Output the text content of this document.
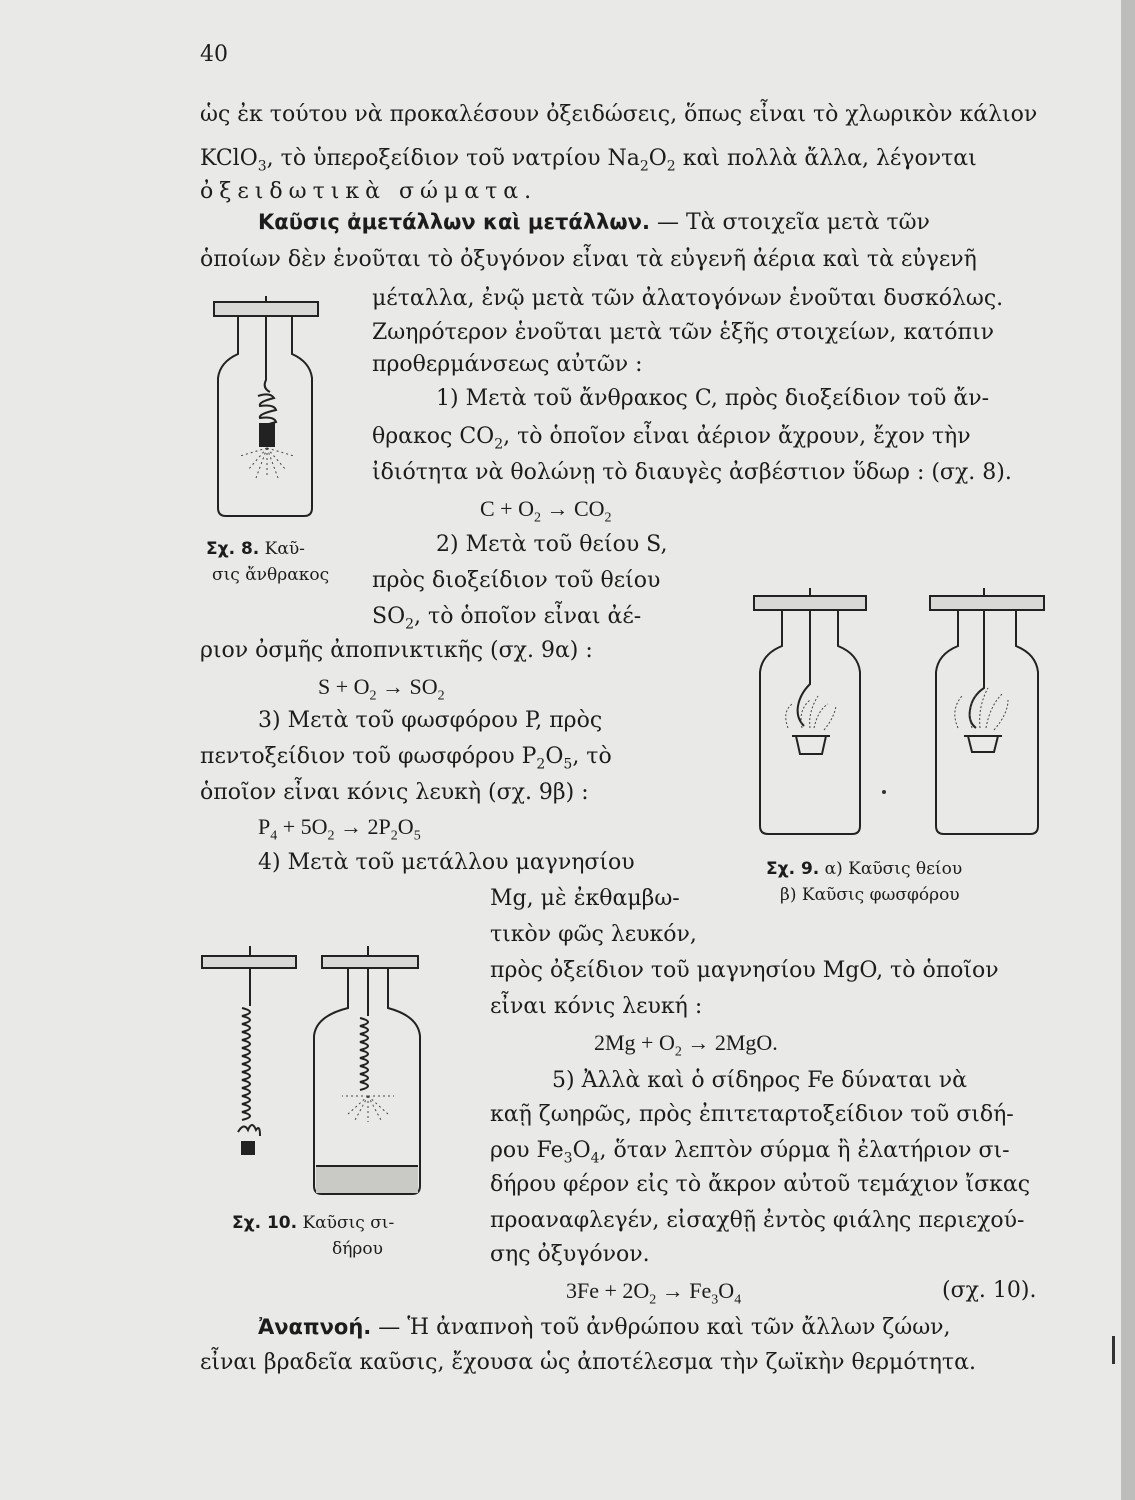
40
ὡς ἐκ τούτου νὰ προκαλέσουν ὀξειδώσεις, ὅπως εἶναι τὸ χλωρικὸν κάλιον
KClO$_3$, τὸ ὑπεροξείδιον τοῦ νατρίου $Na_2O_2$ καὶ πολλὰ ἄλλα, λέγονται
ὀξειδωτικὰ σώματα.
Καῦσις ἀμετάλλων καὶ μετάλλων. — Τὰ στοιχεῖα μετὰ τῶν
ὁποίων δὲν ἑνοῦται τὸ ὀξυγόνον εἶναι τὰ εὐγενῆ ἀέρια καὶ τὰ εὐγενῆ
μέταλλα, ἐνῷ μετὰ τῶν ἀλατογόνων ἑνοῦται δυσκόλως.
Ζωηρότερον ἑνοῦται μετὰ τῶν ἑξῆς στοιχείων, κατόπιν
προθερμάνσεως αὐτῶν :
1) Μετὰ τοῦ ἄνθρακος C, πρὸς διοξείδιον τοῦ ἄν-
θρακος $CO_2$, τὸ ὁποῖον εἶναι ἀέριον ἄχρουν, ἔχον τὴν
ἰδιότητα νὰ θολώνῃ τὸ διαυγὲς ἀσβέστιον ὕδωρ : (σχ. 8).
$C + O_2 \to CO_2$
2) Μετὰ τοῦ θείου S,
πρὸς διοξείδιον τοῦ θείου
$SO_2$, τὸ ὁποῖον εἶναι ἀέ-
ριον ὀσμῆς ἀποπνικτικῆς (σχ. 9α) :
$S + O_2 \to SO_2$
3) Μετὰ τοῦ φωσφόρου P, πρὸς
πεντοξείδιον τοῦ φωσφόρου $P_2O_5$, τὸ
ὁποῖον εἶναι κόνις λευκὴ (σχ. 9β) :
$P_4 + 5O_2 \to 2P_2O_5$
4) Μετὰ τοῦ μετάλλου μαγνησίου
Mg, μὲ ἐκθαμβω-
τικὸν φῶς λευκόν,
πρὸς ὀξείδιον τοῦ μαγνησίου MgO, τὸ ὁποῖον
εἶναι κόνις λευκή :
$2Mg + O_2 \to 2MgO$.
5) Ἀλλὰ καὶ ὁ σίδηρος Fe δύναται νὰ
καῇ ζωηρῶς, πρὸς ἐπιτεταρτοξείδιον τοῦ σιδή-
ρου $Fe_3O_4$, ὅταν λεπτὸν σύρμα ἢ ἐλατήριον σι-
δήρου φέρον εἰς τὸ ἄκρον αὐτοῦ τεμάχιον ἴσκας
προαναφλεγέν, εἰσαχθῇ ἐντὸς φιάλης περιεχού-
σης ὀξυγόνον.
$3Fe + 2O_2 \to Fe_3O_4$	(σχ. 10).
Ἀναπνοή. — Ἡ ἀναπνοὴ τοῦ ἀνθρώπου καὶ τῶν ἄλλων ζώων,
εἶναι βραδεῖα καῦσις, ἔχουσα ὡς ἀποτέλεσμα τὴν ζωϊκὴν θερμότητα.
Σχ. 8. Καῦ-
σις ἄνθρακος
Σχ. 9. α) Καῦσις θείου
β) Καῦσις φωσφόρου
Σχ. 10. Καῦσις σι-
δήρου
